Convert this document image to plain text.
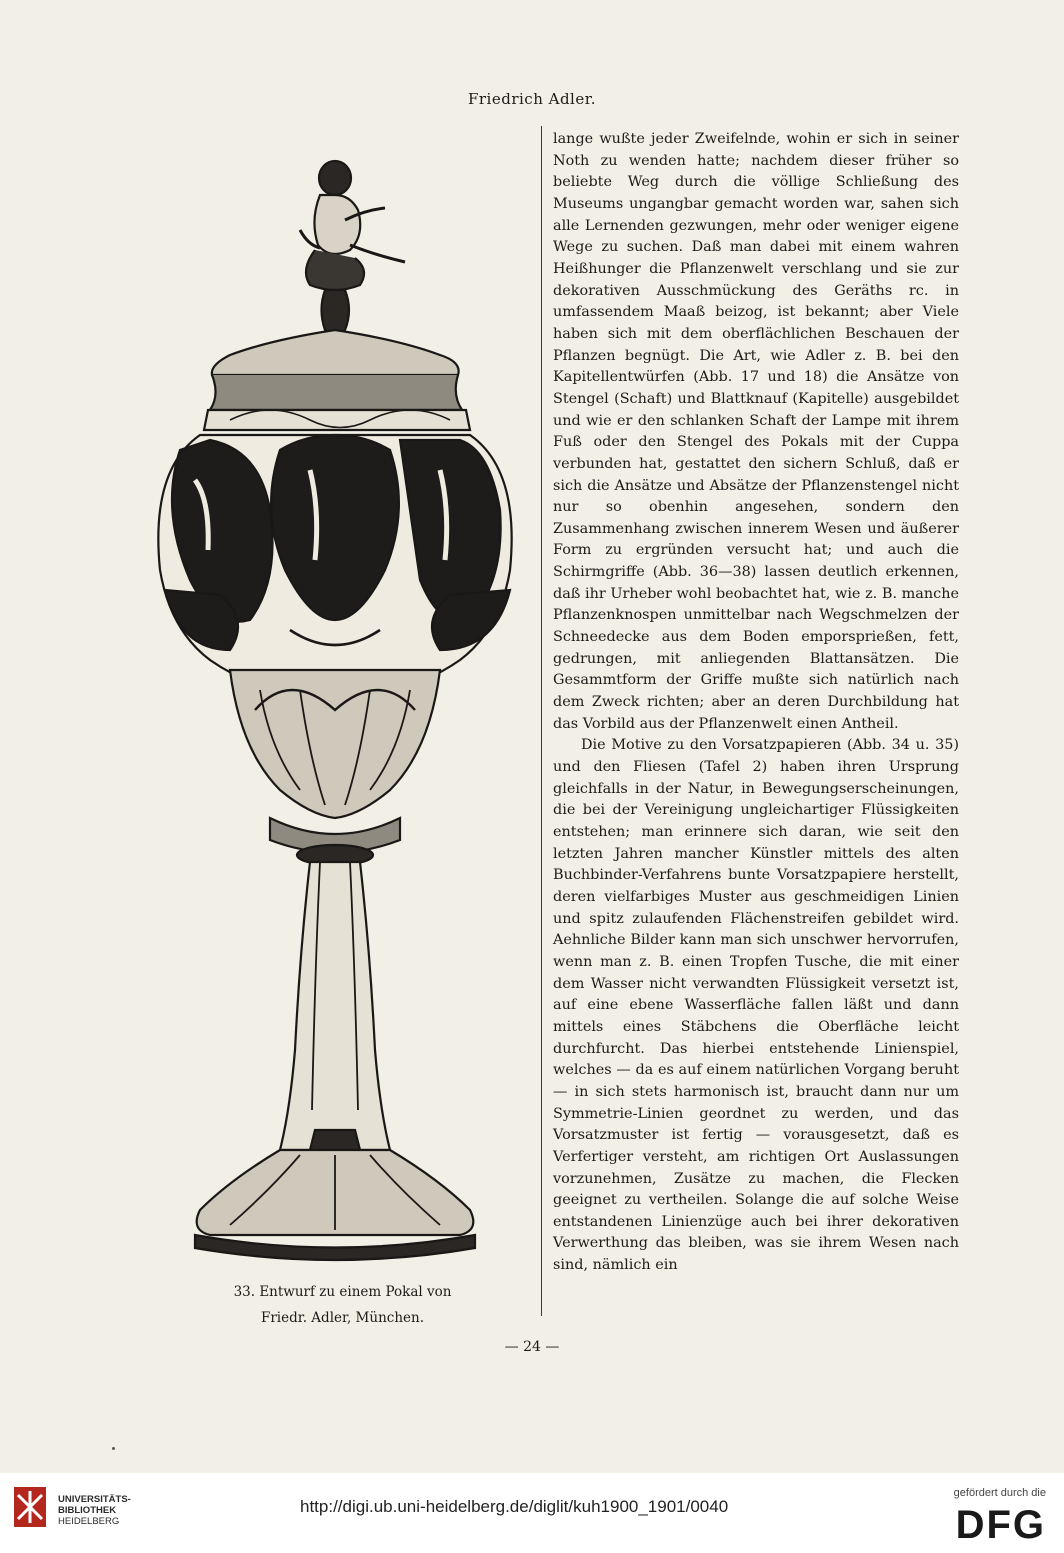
Friedrich Adler.
33. Entwurf zu einem Pokal von
Friedr. Adler, München.

lange wußte jeder Zweifelnde, wohin er sich in seiner Noth zu wenden hatte; nachdem dieser früher so beliebte Weg durch die völlige Schließung des Museums ungangbar gemacht worden war, sahen sich alle Lernenden gezwungen, mehr oder weniger eigene Wege zu suchen. Daß man dabei mit einem wahren Heißhunger die Pflanzenwelt verschlang und sie zur dekorativen Ausschmückung des Geräths rc. in umfassendem Maaß beizog, ist bekannt; aber Viele haben sich mit dem oberflächlichen Beschauen der Pflanzen begnügt. Die Art, wie Adler z. B. bei den Kapitellentwürfen (Abb. 17 und 18) die Ansätze von Stengel (Schaft) und Blattknauf (Kapitelle) ausgebildet und wie er den schlanken Schaft der Lampe mit ihrem Fuß oder den Stengel des Pokals mit der Cuppa verbunden hat, gestattet den sichern Schluß, daß er sich die Ansätze und Absätze der Pflanzenstengel nicht nur so obenhin angesehen, sondern den Zusammenhang zwischen innerem Wesen und äußerer Form zu ergründen versucht hat; und auch die Schirmgriffe (Abb. 36—38) lassen deutlich erkennen, daß ihr Urheber wohl beobachtet hat, wie z. B. manche Pflanzenknospen unmittelbar nach Wegschmelzen der Schneedecke aus dem Boden emporsprießen, fett, gedrungen, mit anliegenden Blattansätzen. Die Gesammtform der Griffe mußte sich natürlich nach dem Zweck richten; aber an deren Durchbildung hat das Vorbild aus der Pflanzenwelt einen Antheil.

Die Motive zu den Vorsatzpapieren (Abb. 34 u. 35) und den Fliesen (Tafel 2) haben ihren Ursprung gleichfalls in der Natur, in Bewegungserscheinungen, die bei der Vereinigung ungleichartiger Flüssigkeiten entstehen; man erinnere sich daran, wie seit den letzten Jahren mancher Künstler mittels des alten Buchbinder-Verfahrens bunte Vorsatzpapiere herstellt, deren vielfarbiges Muster aus geschmeidigen Linien und spitz zulaufenden Flächenstreifen gebildet wird. Aehnliche Bilder kann man sich unschwer hervorrufen, wenn man z. B. einen Tropfen Tusche, die mit einer dem Wasser nicht verwandten Flüssigkeit versetzt ist, auf eine ebene Wasserfläche fallen läßt und dann mittels eines Stäbchens die Oberfläche leicht durchfurcht. Das hierbei entstehende Linienspiel, welches — da es auf einem natürlichen Vorgang beruht — in sich stets harmonisch ist, braucht dann nur um Symmetrie-Linien geordnet zu werden, und das Vorsatzmuster ist fertig — vorausgesetzt, daß es Verfertiger versteht, am richtigen Ort Auslassungen vorzunehmen, Zusätze zu machen, die Flecken geeignet zu vertheilen. Solange die auf solche Weise entstandenen Linienzüge auch bei ihrer dekorativen Verwerthung das bleiben, was sie ihrem Wesen nach sind, nämlich ein

— 24 —
UNIVERSITÄTS-
BIBLIOTHEK
HEIDELBERG
http://digi.ub.uni-heidelberg.de/diglit/kuh1900_1901/0040
gefördert durch die
DFG
